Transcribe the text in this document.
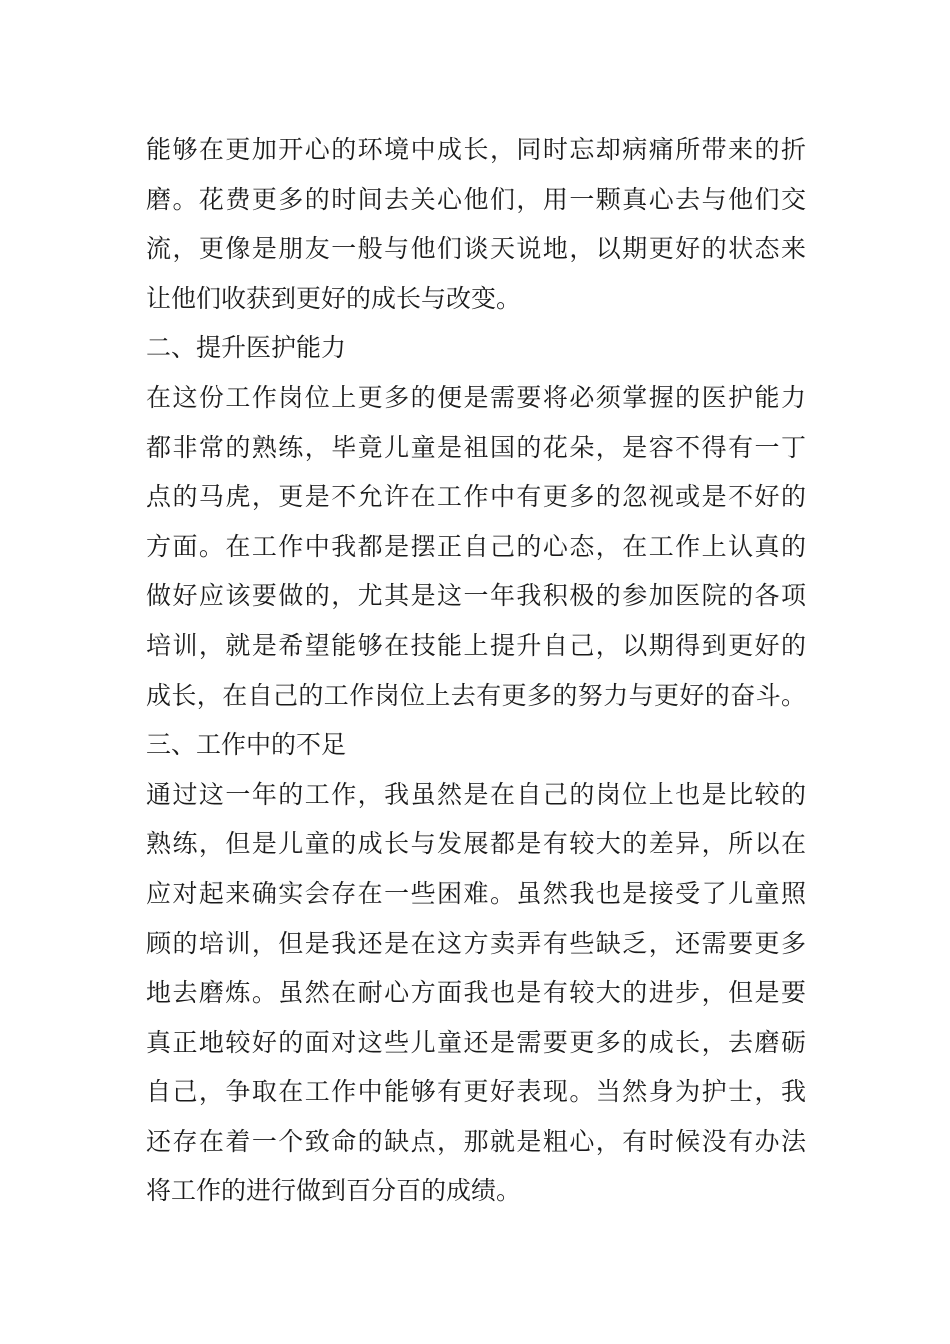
能够在更加开心的环境中成长，同时忘却病痛所带来的折
磨。花费更多的时间去关心他们，用一颗真心去与他们交
流，更像是朋友一般与他们谈天说地，以期更好的状态来
让他们收获到更好的成长与改变。
二、提升医护能力
在这份工作岗位上更多的便是需要将必须掌握的医护能力
都非常的熟练，毕竟儿童是祖国的花朵，是容不得有一丁
点的马虎，更是不允许在工作中有更多的忽视或是不好的
方面。在工作中我都是摆正自己的心态，在工作上认真的
做好应该要做的，尤其是这一年我积极的参加医院的各项
培训，就是希望能够在技能上提升自己，以期得到更好的
成长，在自己的工作岗位上去有更多的努力与更好的奋斗。
三、工作中的不足
通过这一年的工作，我虽然是在自己的岗位上也是比较的
熟练，但是儿童的成长与发展都是有较大的差异，所以在
应对起来确实会存在一些困难。虽然我也是接受了儿童照
顾的培训，但是我还是在这方卖弄有些缺乏，还需要更多
地去磨炼。虽然在耐心方面我也是有较大的进步，但是要
真正地较好的面对这些儿童还是需要更多的成长，去磨砺
自己，争取在工作中能够有更好表现。当然身为护士，我
还存在着一个致命的缺点，那就是粗心，有时候没有办法
将工作的进行做到百分百的成绩。
